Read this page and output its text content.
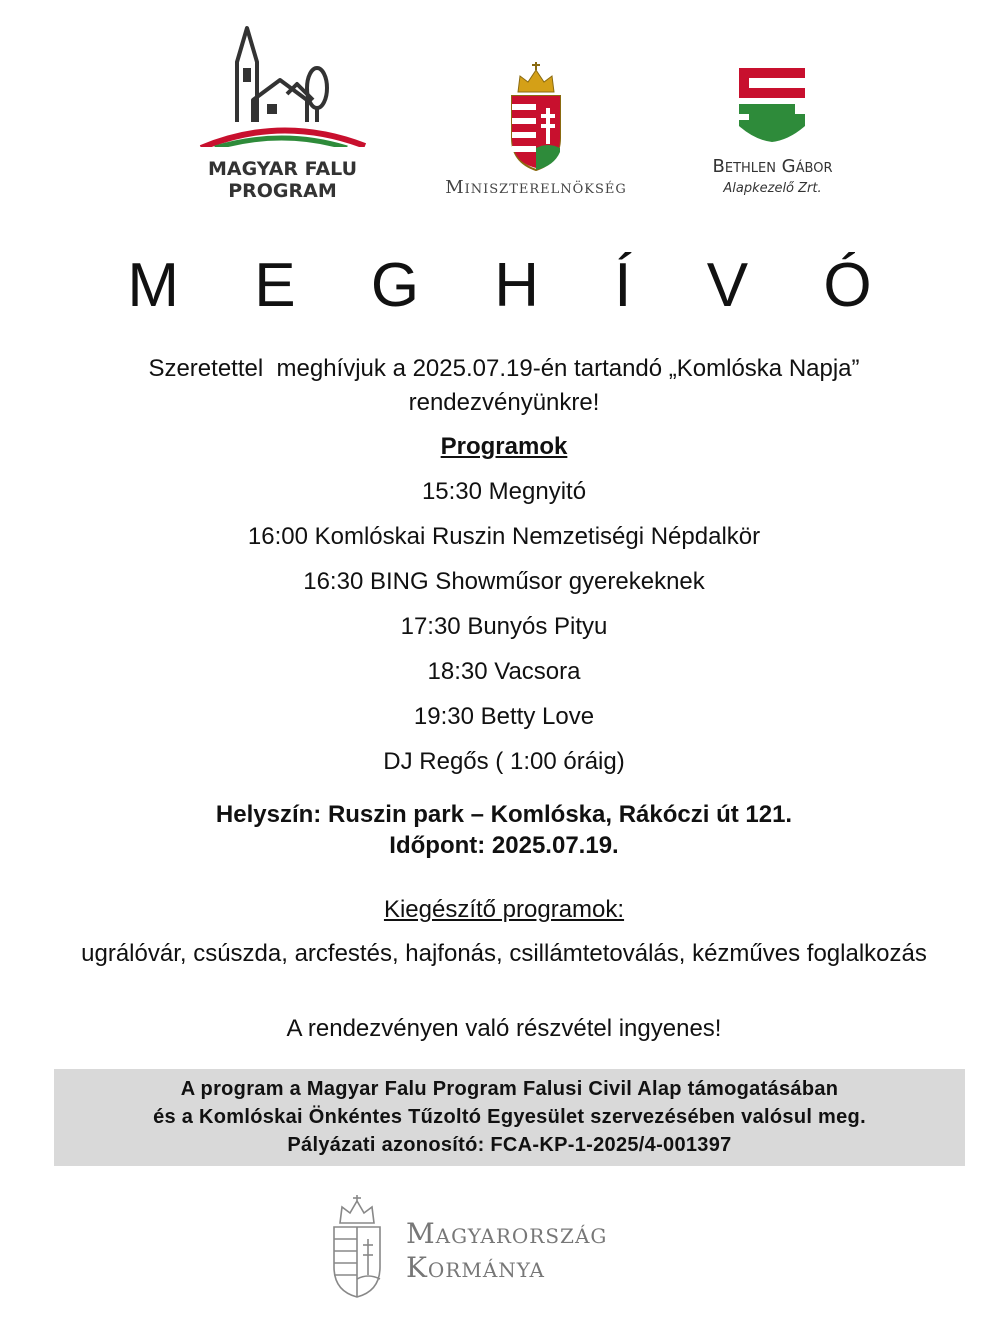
MAGYAR FALU
PROGRAM	Miniszterelnökség
Bethlen Gábor
Alapkezelő Zrt.
M E G H Í V Ó
Szeretettel  meghívjuk a 2025.07.19-én tartandó „Komlóska Napja”
rendezvényünkre!
Programok
15:30 Megnyitó
16:00 Komlóskai Ruszin Nemzetiségi Népdalkör
16:30 BING Showműsor gyerekeknek
17:30 Bunyós Pityu
18:30 Vacsora
19:30 Betty Love
DJ Regős ( 1:00 óráig)
Helyszín: Ruszin park – Komlóska, Rákóczi út 121.
Időpont: 2025.07.19.
Kiegészítő programok:
ugrálóvár, csúszda, arcfestés, hajfonás, csillámtetoválás, kézműves foglalkozás
A rendezvényen való részvétel ingyenes!
A program a Magyar Falu Program Falusi Civil Alap támogatásában
és a Komlóskai Önkéntes Tűzoltó Egyesület szervezésében valósul meg.
Pályázati azonosító: FCA-KP-1-2025/4-001397
Magyarország
Kormánya
